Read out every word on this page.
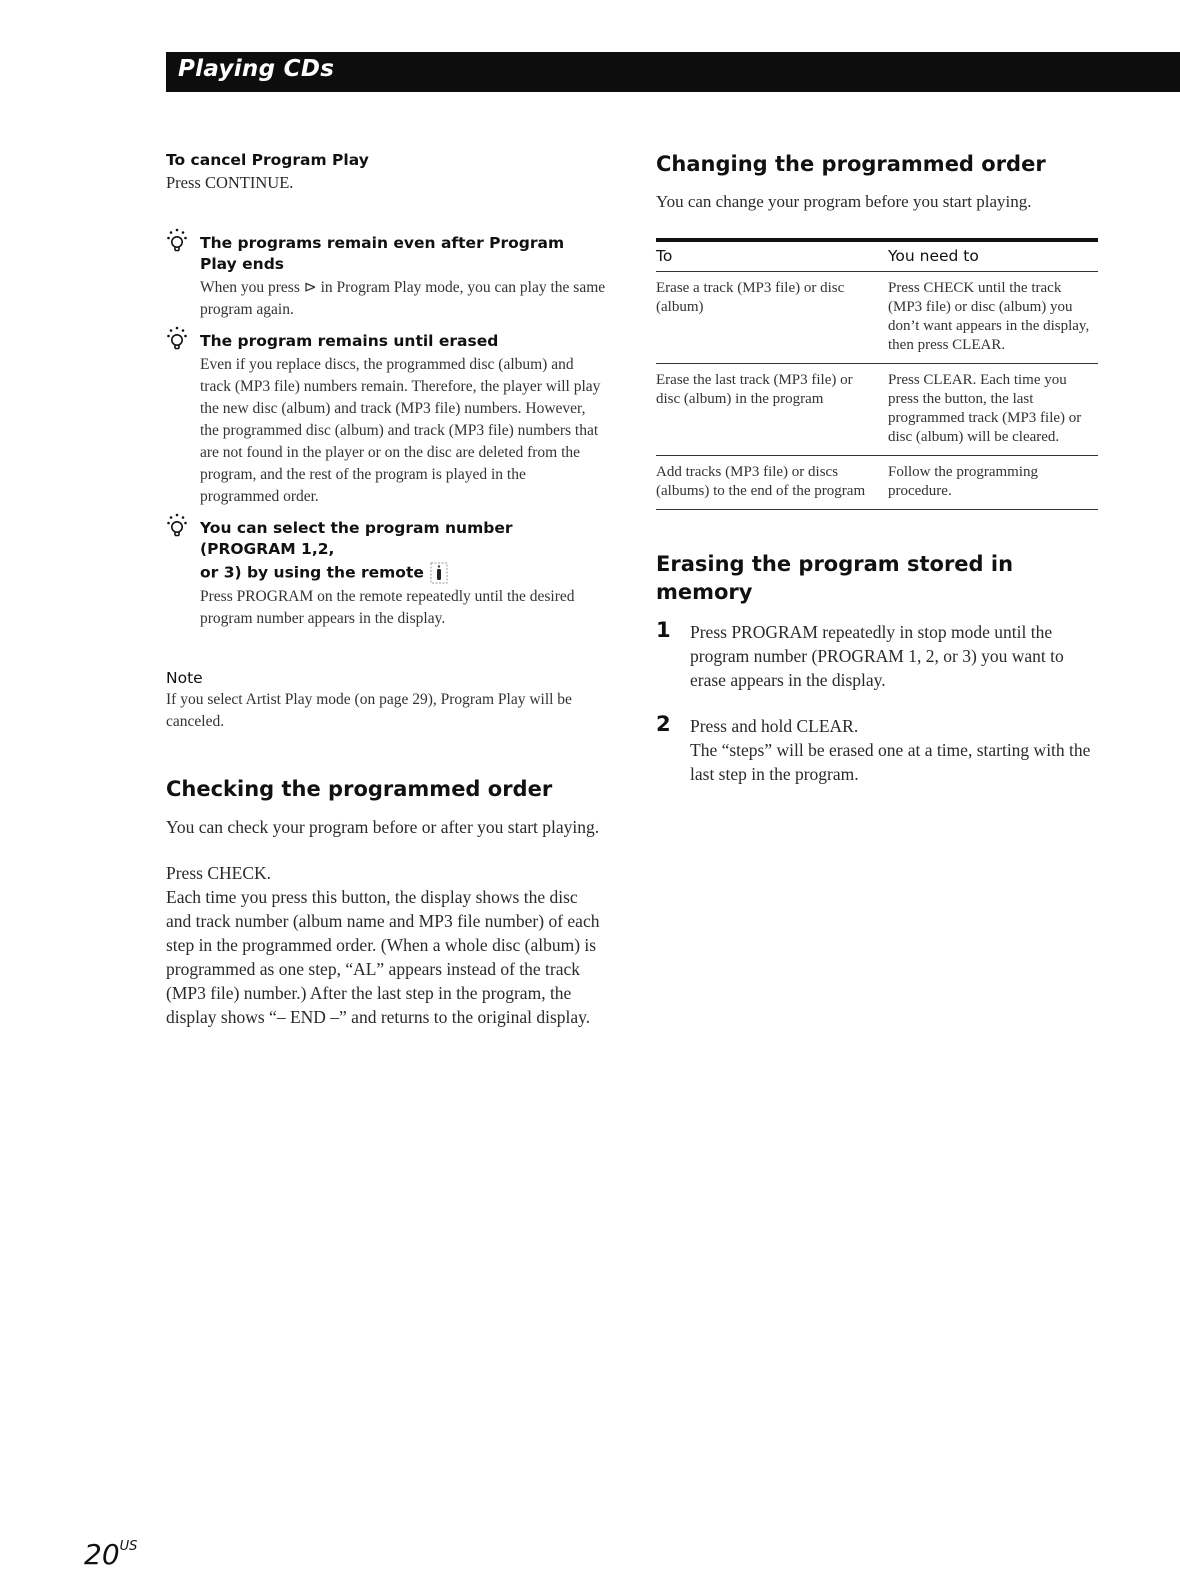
Playing CDs

To cancel Program Play

Press CONTINUE.

The programs remain even after Program Play ends

When you press ⊳ in Program Play mode, you can play the same program again.

The program remains until erased

Even if you replace discs, the programmed disc (album) and track (MP3 file) numbers remain. Therefore, the player will play the new disc (album) and track (MP3 file) numbers. However, the programmed disc (album) and track (MP3 file) numbers that are not found in the player or on the disc are deleted from the program, and the rest of the program is played in the programmed order.

You can select the program number (PROGRAM 1,2,

or 3) by using the remote

Press PROGRAM on the remote repeatedly until the desired program number appears in the display.

Note

If you select Artist Play mode (on page 29), Program Play will be canceled.

Checking the programmed order

You can check your program before or after you start playing.

Press CHECK.

Each time you press this button, the display shows the disc and track number (album name and MP3 file number) of each step in the programmed order. (When a whole disc (album) is programmed as one step, “AL” appears instead of the track (MP3 file) number.) After the last step in the program, the display shows “– END –” and returns to the original display.

Changing the programmed order

You can change your program before you start playing.

To	You need to
Erase a track (MP3 file) or disc (album)	Press CHECK until the track (MP3 file) or disc (album) you don’t want appears in the display, then press CLEAR.
Erase the last track (MP3 file) or disc (album) in the program	Press CLEAR. Each time you press the button, the last programmed track (MP3 file) or disc (album) will be cleared.
Add tracks (MP3 file) or discs (albums) to the end of the program	Follow the programming procedure.

Erasing the program stored in memory

1 Press PROGRAM repeatedly in stop mode until the program number (PROGRAM 1, 2, or 3) you want to erase appears in the display.

2 Press and hold CLEAR.

The “steps” will be erased one at a time, starting with the last step in the program.

$20^{US}$
